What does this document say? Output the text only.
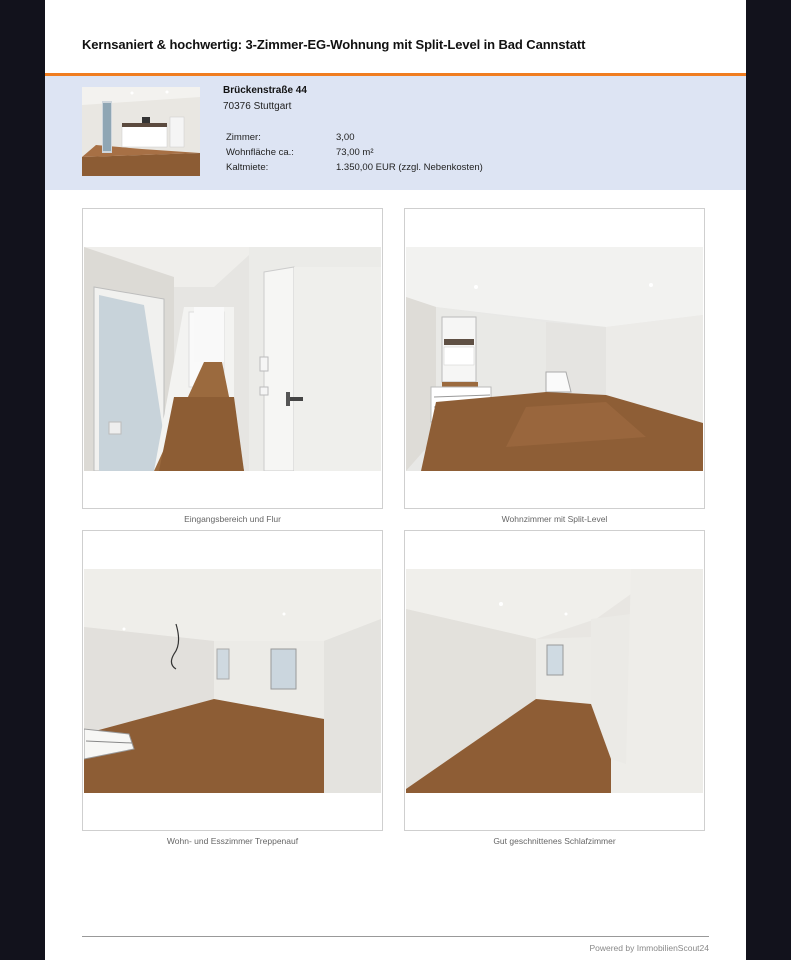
Kernsaniert & hochwertig: 3-Zimmer-EG-Wohnung mit Split-Level in Bad Cannstatt
Brückenstraße 44
70376 Stuttgart
Zimmer:	3,00
Wohnfläche ca.:	73,00 m²
Kaltmiete:	1.350,00 EUR (zzgl. Nebenkosten)
Eingangsbereich und Flur	Wohnzimmer mit Split-Level
Wohn- und Esszimmer Treppenauf	Gut geschnittenes Schlafzimmer
Powered by ImmobilienScout24
